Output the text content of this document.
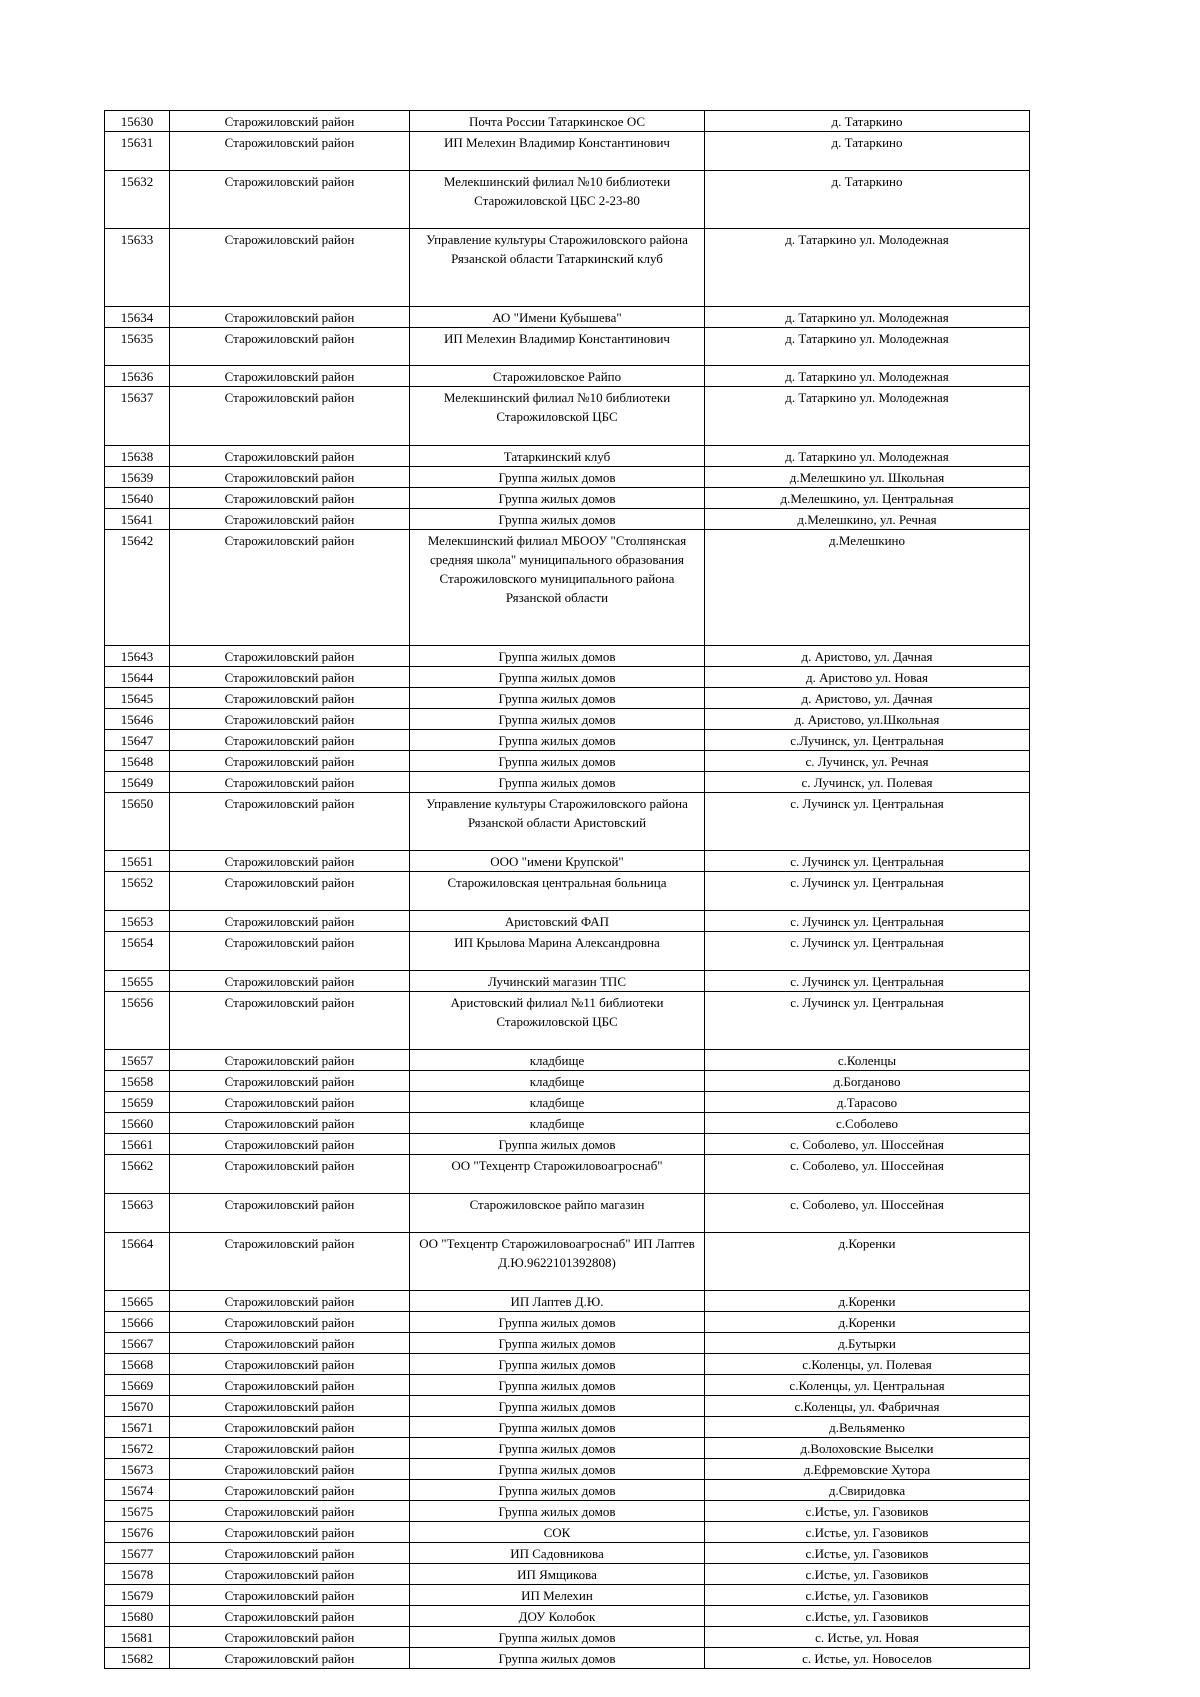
15630	Старожиловский район	Почта России Татаркинское ОС	д. Татаркино
15631	Старожиловский район	ИП Мелехин Владимир Константинович	д. Татаркино
15632	Старожиловский район	Мелекшинский филиал №10 библиотеки Старожиловской ЦБС 2-23-80	д. Татаркино
15633	Старожиловский район	Управление культуры Старожиловского района Рязанской области Татаркинский клуб	д. Татаркино ул. Молодежная
15634	Старожиловский район	АО "Имени Кубышева"	д. Татаркино ул. Молодежная
15635	Старожиловский район	ИП Мелехин Владимир Константинович	д. Татаркино ул. Молодежная
15636	Старожиловский район	Старожиловское Райпо	д. Татаркино ул. Молодежная
15637	Старожиловский район	Мелекшинский филиал №10 библиотеки Старожиловской ЦБС	д. Татаркино ул. Молодежная
15638	Старожиловский район	Татаркинский клуб	д. Татаркино ул. Молодежная
15639	Старожиловский район	Группа жилых домов	д.Мелешкино ул. Школьная
15640	Старожиловский район	Группа жилых домов	д.Мелешкино, ул. Центральная
15641	Старожиловский район	Группа жилых домов	д.Мелешкино, ул. Речная
15642	Старожиловский район	Мелекшинский филиал МБООУ "Столпянская средняя школа" муниципального образования Старожиловского муниципального района Рязанской области	д.Мелешкино
15643	Старожиловский район	Группа жилых домов	д. Аристово, ул. Дачная
15644	Старожиловский район	Группа жилых домов	д. Аристово ул. Новая
15645	Старожиловский район	Группа жилых домов	д. Аристово, ул. Дачная
15646	Старожиловский район	Группа жилых домов	д. Аристово, ул.Школьная
15647	Старожиловский район	Группа жилых домов	с.Лучинск, ул. Центральная
15648	Старожиловский район	Группа жилых домов	с. Лучинск, ул. Речная
15649	Старожиловский район	Группа жилых домов	с. Лучинск, ул. Полевая
15650	Старожиловский район	Управление культуры Старожиловского района Рязанской области Аристовский	с. Лучинск ул. Центральная
15651	Старожиловский район	ООО "имени Крупской"	с. Лучинск ул. Центральная
15652	Старожиловский район	Старожиловская центральная больница	с. Лучинск ул. Центральная
15653	Старожиловский район	Аристовский ФАП	с. Лучинск ул. Центральная
15654	Старожиловский район	ИП Крылова Марина Александровна	с. Лучинск ул. Центральная
15655	Старожиловский район	Лучинский магазин ТПС	с. Лучинск ул. Центральная
15656	Старожиловский район	Аристовский филиал №11 библиотеки Старожиловской ЦБС	с. Лучинск ул. Центральная
15657	Старожиловский район	кладбище	с.Коленцы
15658	Старожиловский район	кладбище	д.Богданово
15659	Старожиловский район	кладбище	д.Тарасово
15660	Старожиловский район	кладбище	с.Соболево
15661	Старожиловский район	Группа жилых домов	с. Соболево, ул. Шоссейная
15662	Старожиловский район	ОО "Техцентр Старожиловоагроснаб"	с. Соболево, ул. Шоссейная
15663	Старожиловский район	Старожиловское райпо магазин	с. Соболево, ул. Шоссейная
15664	Старожиловский район	ОО "Техцентр Старожиловоагроснаб" ИП Лаптев Д.Ю.9622101392808)	д.Коренки
15665	Старожиловский район	ИП Лаптев Д.Ю.	д.Коренки
15666	Старожиловский район	Группа жилых домов	д.Коренки
15667	Старожиловский район	Группа жилых домов	д.Бутырки
15668	Старожиловский район	Группа жилых домов	с.Коленцы, ул. Полевая
15669	Старожиловский район	Группа жилых домов	с.Коленцы, ул. Центральная
15670	Старожиловский район	Группа жилых домов	с.Коленцы, ул. Фабричная
15671	Старожиловский район	Группа жилых домов	д.Вельяменко
15672	Старожиловский район	Группа жилых домов	д.Волоховские Выселки
15673	Старожиловский район	Группа жилых домов	д.Ефремовские Хутора
15674	Старожиловский район	Группа жилых домов	д.Свиридовка
15675	Старожиловский район	Группа жилых домов	с.Истье, ул. Газовиков
15676	Старожиловский район	СОК	с.Истье, ул. Газовиков
15677	Старожиловский район	ИП Садовникова	с.Истье, ул. Газовиков
15678	Старожиловский район	ИП Ямщикова	с.Истье, ул. Газовиков
15679	Старожиловский район	ИП Мелехин	с.Истье, ул. Газовиков
15680	Старожиловский район	ДОУ Колобок	с.Истье, ул. Газовиков
15681	Старожиловский район	Группа жилых домов	с. Истье, ул. Новая
15682	Старожиловский район	Группа жилых домов	с. Истье, ул. Новоселов
